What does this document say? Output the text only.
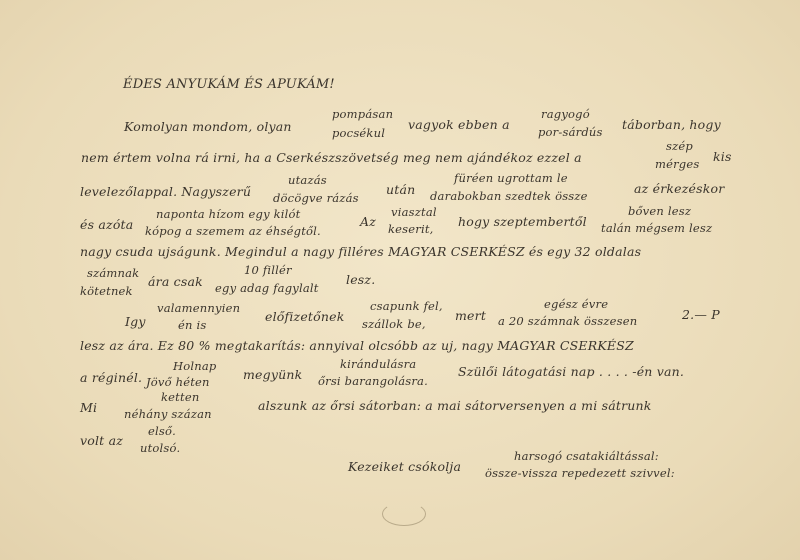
ÉDES ANYUKÁM ÉS APUKÁM!
Komolyan mondom, olyan
pompásan
pocsékul
vagyok ebben a
ragyogó
por-sárdús táborban, hogy
nem értem volna rá irni, ha a Cserkészszövetség meg nem ajándékoz ezzel a
szép
mérges kis
levelezőlappal. Nagyszerű
utazás
döcögve rázás
után
füréen ugrottam le
darabokban szedtek össze	az érkezéskor
és azóta
naponta hízom egy kilót
kópog a szemem az éhségtől.
Az
viasztal
keserit, hogy szeptembertől
bőven lesz
talán mégsem lesz
nagy csuda ujságunk. Megindul a nagy filléres MAGYAR CSERKÉSZ és egy 32 oldalas
számnak
kötetnek
ára csak
10 fillér
egy adag fagylalt
lesz.
Igy
valamennyien
én is
előfizetőnek
csapunk fel,
szállok be,
mert
egész évre
a 20 számnak összesen	2.— P
lesz az ára. Ez 80 % megtakarítás: annyival olcsóbb az uj, nagy MAGYAR CSERKÉSZ
a réginél.
Holnap
Jövő héten	megyünk
kirándulásra
őrsi barangolásra.
Szülői látogatási nap . . . . -én van.
Mi
ketten
néhány százan
alszunk az őrsi sátorban: a mai sátorversenyen a mi sátrunk
volt az
első.
utolsó.
Kezeiket csókolja
harsogó csatakiáltással:
össze-vissza repedezett szivvel:
